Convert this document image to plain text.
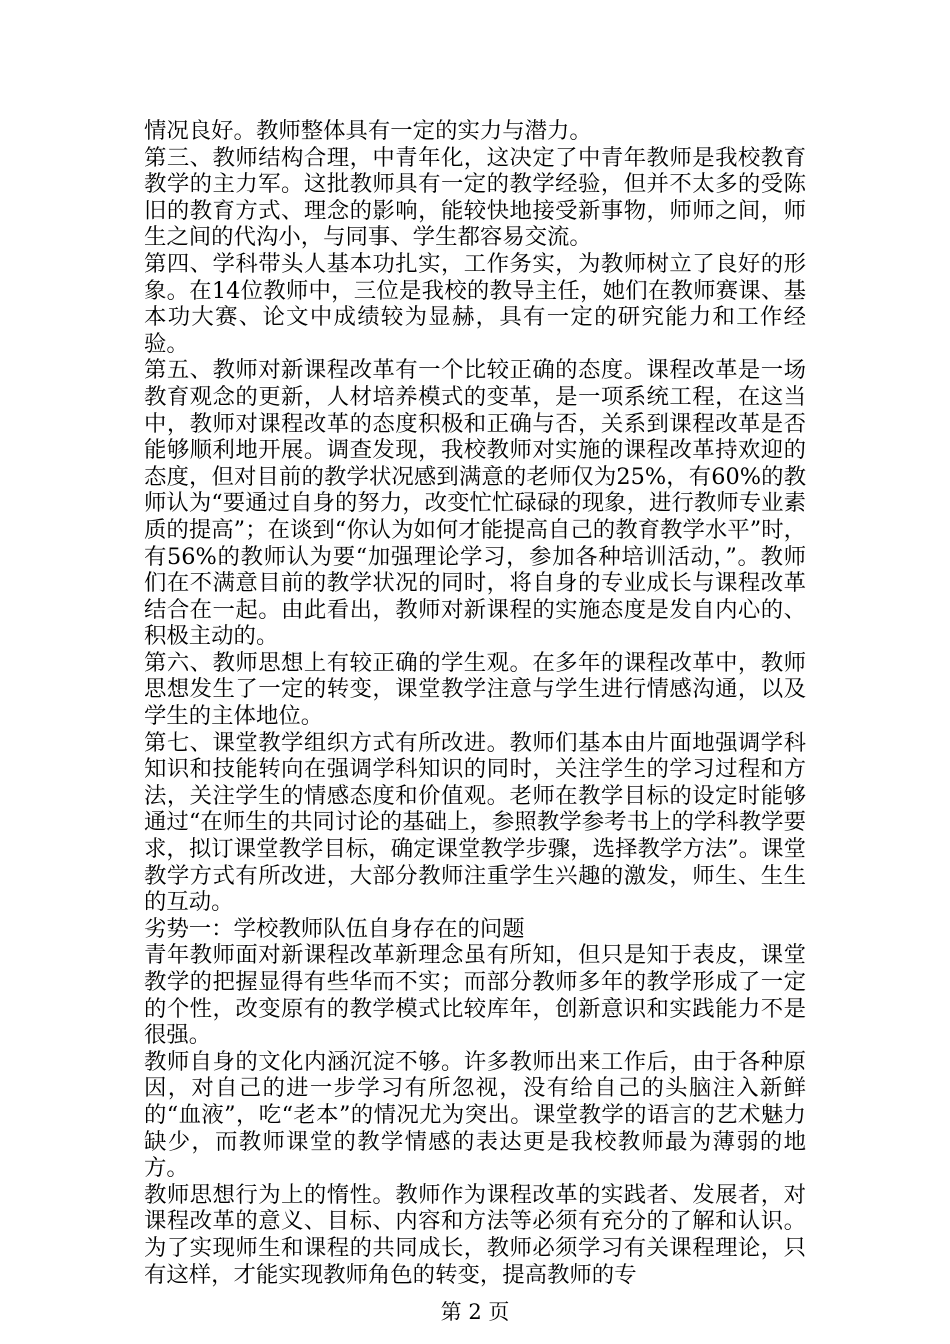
情况良好。教师整体具有一定的实力与潜力。

第三、教师结构合理，中青年化，这决定了中青年教师是我校教育教学的主力军。这批教师具有一定的教学经验，但并不太多的受陈旧的教育方式、理念的影响，能较快地接受新事物，师师之间，师生之间的代沟小，与同事、学生都容易交流。

第四、学科带头人基本功扎实，工作务实，为教师树立了良好的形象。在14位教师中，三位是我校的教导主任，她们在教师赛课、基本功大赛、论文中成绩较为显赫，具有一定的研究能力和工作经验。

第五、教师对新课程改革有一个比较正确的态度。课程改革是一场教育观念的更新，人材培养模式的变革，是一项系统工程，在这当中，教师对课程改革的态度积极和正确与否，关系到课程改革是否能够顺利地开展。调查发现，我校教师对实施的课程改革持欢迎的态度，但对目前的教学状况感到满意的老师仅为25%，有60%的教师认为“要通过自身的努力，改变忙忙碌碌的现象，进行教师专业素质的提高”；在谈到“你认为如何才能提高自己的教育教学水平”时，有56%的教师认为要“加强理论学习，参加各种培训活动，”。教师们在不满意目前的教学状况的同时，将自身的专业成长与课程改革结合在一起。由此看出，教师对新课程的实施态度是发自内心的、积极主动的。

第六、教师思想上有较正确的学生观。在多年的课程改革中，教师思想发生了一定的转变，课堂教学注意与学生进行情感沟通，以及学生的主体地位。

第七、课堂教学组织方式有所改进。教师们基本由片面地强调学科知识和技能转向在强调学科知识的同时，关注学生的学习过程和方法，关注学生的情感态度和价值观。老师在教学目标的设定时能够通过“在师生的共同讨论的基础上，参照教学参考书上的学科教学要求，拟订课堂教学目标，确定课堂教学步骤，选择教学方法”。课堂教学方式有所改进，大部分教师注重学生兴趣的激发，师生、生生的互动。

劣势一：学校教师队伍自身存在的问题

青年教师面对新课程改革新理念虽有所知，但只是知于表皮，课堂教学的把握显得有些华而不实；而部分教师多年的教学形成了一定的个性，改变原有的教学模式比较库年，创新意识和实践能力不是很强。

教师自身的文化内涵沉淀不够。许多教师出来工作后，由于各种原因，对自己的进一步学习有所忽视，没有给自己的头脑注入新鲜的“血液”，吃“老本”的情况尤为突出。课堂教学的语言的艺术魅力缺少，而教师课堂的教学情感的表达更是我校教师最为薄弱的地方。

教师思想行为上的惰性。教师作为课程改革的实践者、发展者，对课程改革的意义、目标、内容和方法等必须有充分的了解和认识。为了实现师生和课程的共同成长，教师必须学习有关课程理论，只有这样，才能实现教师角色的转变，提高教师的专

第 2 页
